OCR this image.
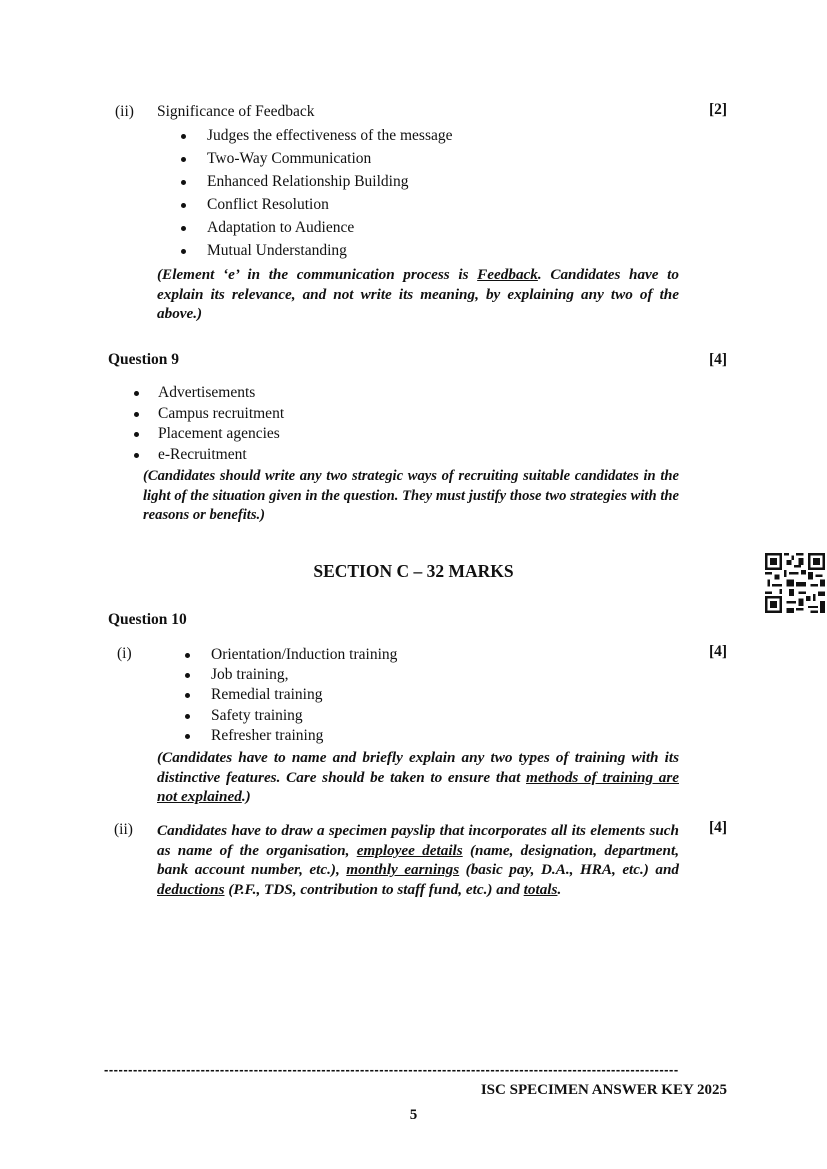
(ii) Significance of Feedback	[2]
Judges the effectiveness of the message
Two-Way Communication
Enhanced Relationship Building
Conflict Resolution
Adaptation to Audience
Mutual Understanding
(Element ‘e’ in the communication process is Feedback. Candidates have to explain its relevance, and not write its meaning, by explaining any two of the above.)
Question 9	[4]
Advertisements
Campus recruitment
Placement agencies
e-Recruitment
(Candidates should write any two strategic ways of recruiting suitable candidates in the light of the situation given in the question. They must justify those two strategies with the reasons or benefits.)
SECTION C – 32 MARKS
Question 10
(i)	[4]
Orientation/Induction training
Job training,
Remedial training
Safety training
Refresher training
(Candidates have to name and briefly explain any two types of training with its distinctive features. Care should be taken to ensure that methods of training are not explained.)
(ii)	[4]
Candidates have to draw a specimen payslip that incorporates all its elements such as name of the organisation, employee details (name, designation, department, bank account number, etc.), monthly earnings (basic pay, D.A., HRA, etc.) and deductions (P.F., TDS, contribution to staff fund, etc.) and totals.
-----------------------------------------------------------------------------------------------------------------------
ISC SPECIMEN ANSWER KEY 2025
5
